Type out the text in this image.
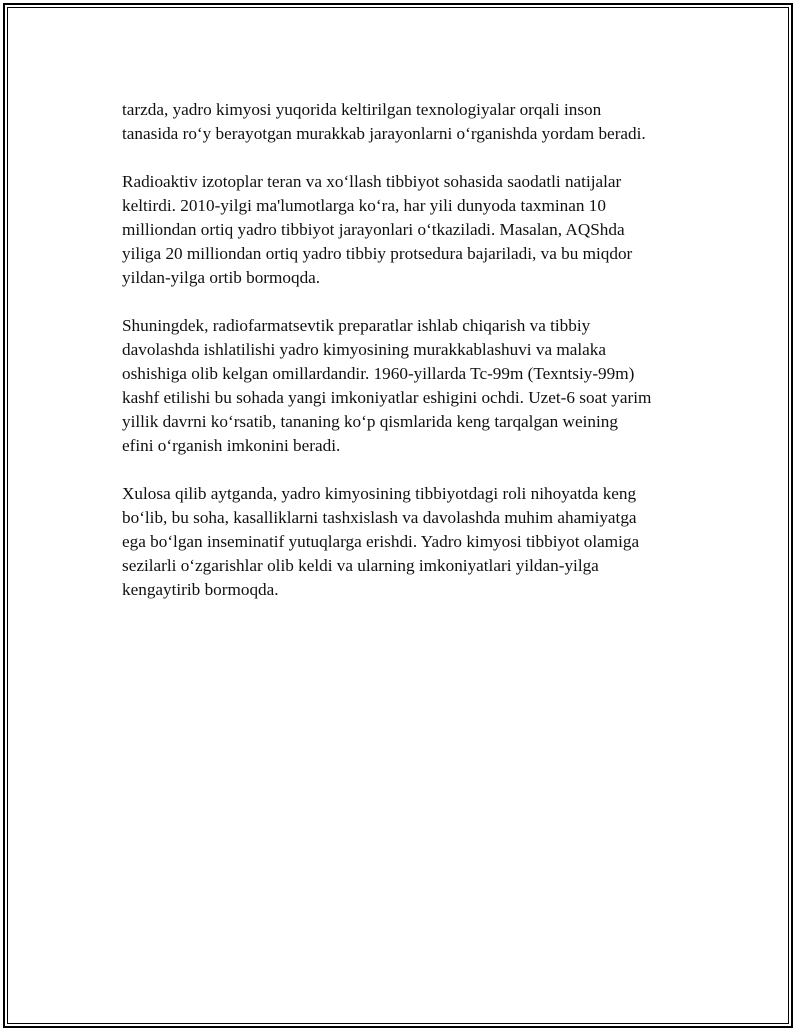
tarzda, yadro kimyosi yuqorida keltirilgan texnologiyalar orqali inson
tanasida ro‘y berayotgan murakkab jarayonlarni o‘rganishda yordam beradi.

Radioaktiv izotoplar teran va xo‘llash tibbiyot sohasida saodatli natijalar
keltirdi. 2010-yilgi ma'lumotlarga ko‘ra, har yili dunyoda taxminan 10
milliondan ortiq yadro tibbiyot jarayonlari o‘tkaziladi. Masalan, AQShda
yiliga 20 milliondan ortiq yadro tibbiy protsedura bajariladi, va bu miqdor
yildan-yilga ortib bormoqda.

Shuningdek, radiofarmatsevtik preparatlar ishlab chiqarish va tibbiy
davolashda ishlatilishi yadro kimyosining murakkablashuvi va malaka
oshishiga olib kelgan omillardandir. 1960-yillarda Tc-99m (Texntsiy-99m)
kashf etilishi bu sohada yangi imkoniyatlar eshigini ochdi. Uzet-6 soat yarim
yillik davrni ko‘rsatib, tananing ko‘p qismlarida keng tarqalgan weining
efini o‘rganish imkonini beradi.

Xulosa qilib aytganda, yadro kimyosining tibbiyotdagi roli nihoyatda keng
bo‘lib, bu soha, kasalliklarni tashxislash va davolashda muhim ahamiyatga
ega bo‘lgan inseminatif yutuqlarga erishdi. Yadro kimyosi tibbiyot olamiga
sezilarli o‘zgarishlar olib keldi va ularning imkoniyatlari yildan-yilga
kengaytirib bormoqda.
